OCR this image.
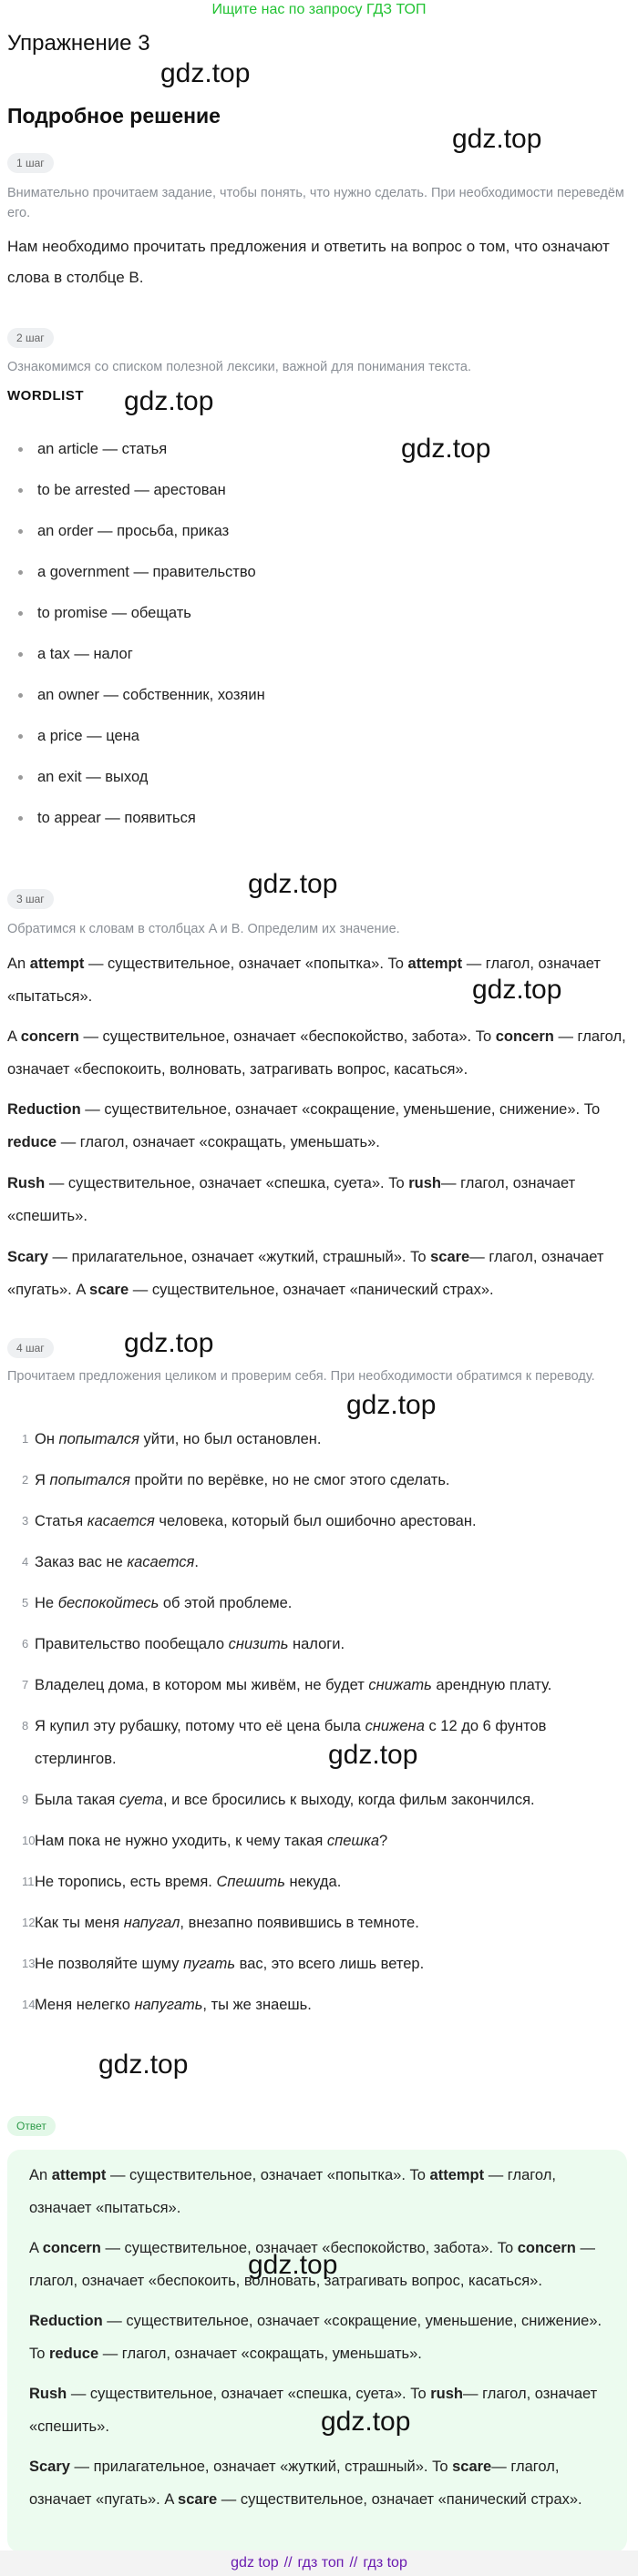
Ищите нас по запросу ГДЗ ТОП
Упражнение 3
Подробное решение
1 шаг
Внимательно прочитаем задание, чтобы понять, что нужно сделать. При необходимости переведём его.
Нам необходимо прочитать предложения и ответить на вопрос о том, что означают слова в столбце B.
2 шаг
Ознакомимся со списком полезной лексики, важной для понимания текста.
WORDLIST
an article — статья
to be arrested — арестован
an order — просьба, приказ
a government — правительство
to promise — обещать
a tax — налог
an owner — собственник, хозяин
a price — цена
an exit — выход
to appear — появиться
3 шаг
Обратимся к словам в столбцах A и B. Определим их значение.
An attempt — существительное, означает «попытка». To attempt — глагол, означает «пытаться».
A concern — существительное, означает «беспокойство, забота». To concern — глагол, означает «беспокоить, волновать, затрагивать вопрос, касаться».
Reduction — существительное, означает «сокращение, уменьшение, снижение». To reduce — глагол, означает «сокращать, уменьшать».
Rush — существительное, означает «спешка, суета». To rush— глагол, означает «спешить».
Scary — прилагательное, означает «жуткий, страшный». To scare— глагол, означает «пугать». A scare — существительное, означает «панический страх».
4 шаг
Прочитаем предложения целиком и проверим себя. При необходимости обратимся к переводу.
1 Он попытался уйти, но был остановлен.
2 Я попытался пройти по верёвке, но не смог этого сделать.
3 Статья касается человека, который был ошибочно арестован.
4 Заказ вас не касается.
5 Не беспокойтесь об этой проблеме.
6 Правительство пообещало снизить налоги.
7 Владелец дома, в котором мы живём, не будет снижать арендную плату.
8 Я купил эту рубашку, потому что её цена была снижена с 12 до 6 фунтов стерлингов.
9 Была такая суета, и все бросились к выходу, когда фильм закончился.
10Нам пока не нужно уходить, к чему такая спешка?
11Не торопись, есть время. Спешить некуда.
12Как ты меня напугал, внезапно появившись в темноте.
13Не позволяйте шуму пугать вас, это всего лишь ветер.
14Меня нелегко напугать, ты же знаешь.
Ответ

An attempt — существительное, означает «попытка». To attempt — глагол, означает «пытаться».

A concern — существительное, означает «беспокойство, забота». To concern — глагол, означает «беспокоить, волновать, затрагивать вопрос, касаться».

Reduction — существительное, означает «сокращение, уменьшение, снижение». To reduce — глагол, означает «сокращать, уменьшать».

Rush — существительное, означает «спешка, суета». To rush— глагол, означает «спешить».

Scary — прилагательное, означает «жуткий, страшный». To scare— глагол, означает «пугать». A scare — существительное, означает «панический страх».

gdz.top
gdz.top
gdz.top
gdz.top
gdz.top
gdz.top
gdz.top
gdz.top
gdz.top
gdz.top
gdz.top
gdz.top
gdz top // гдз топ // гдз top
